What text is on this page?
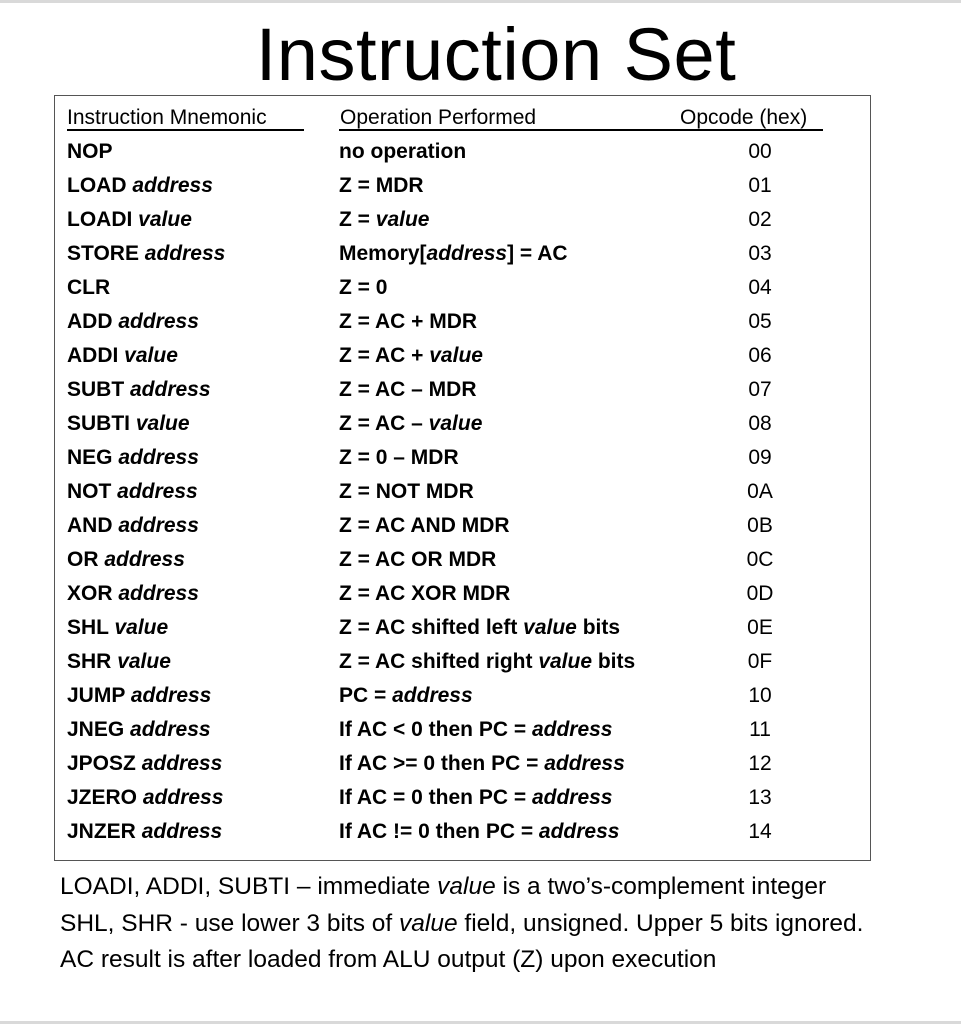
Instruction Set
Instruction Mnemonic	Operation Performed	Opcode (hex)
NOP	no operation	00
LOAD address	Z = MDR	01
LOADI value	Z = value	02
STORE address	Memory[address] = AC	03
CLR	Z = 0	04
ADD address	Z = AC + MDR	05
ADDI value	Z = AC + value	06
SUBT address	Z = AC – MDR	07
SUBTI value	Z = AC – value	08
NEG address	Z = 0 – MDR	09
NOT address	Z = NOT MDR	0A
AND address	Z = AC AND MDR	0B
OR address	Z = AC OR MDR	0C
XOR address	Z = AC XOR MDR	0D
SHL value	Z = AC shifted left value bits	0E
SHR value	Z = AC shifted right value bits	0F
JUMP address	PC = address	10
JNEG address	If AC < 0 then PC = address	11
JPOSZ address	If AC >= 0 then PC = address	12
JZERO address	If AC = 0 then PC = address	13
JNZER address	If AC != 0 then PC = address	14
LOADI, ADDI, SUBTI – immediate value is a two’s-complement integer
SHL, SHR - use lower 3 bits of value field, unsigned. Upper 5 bits ignored.
AC result is after loaded from ALU output (Z) upon execution
